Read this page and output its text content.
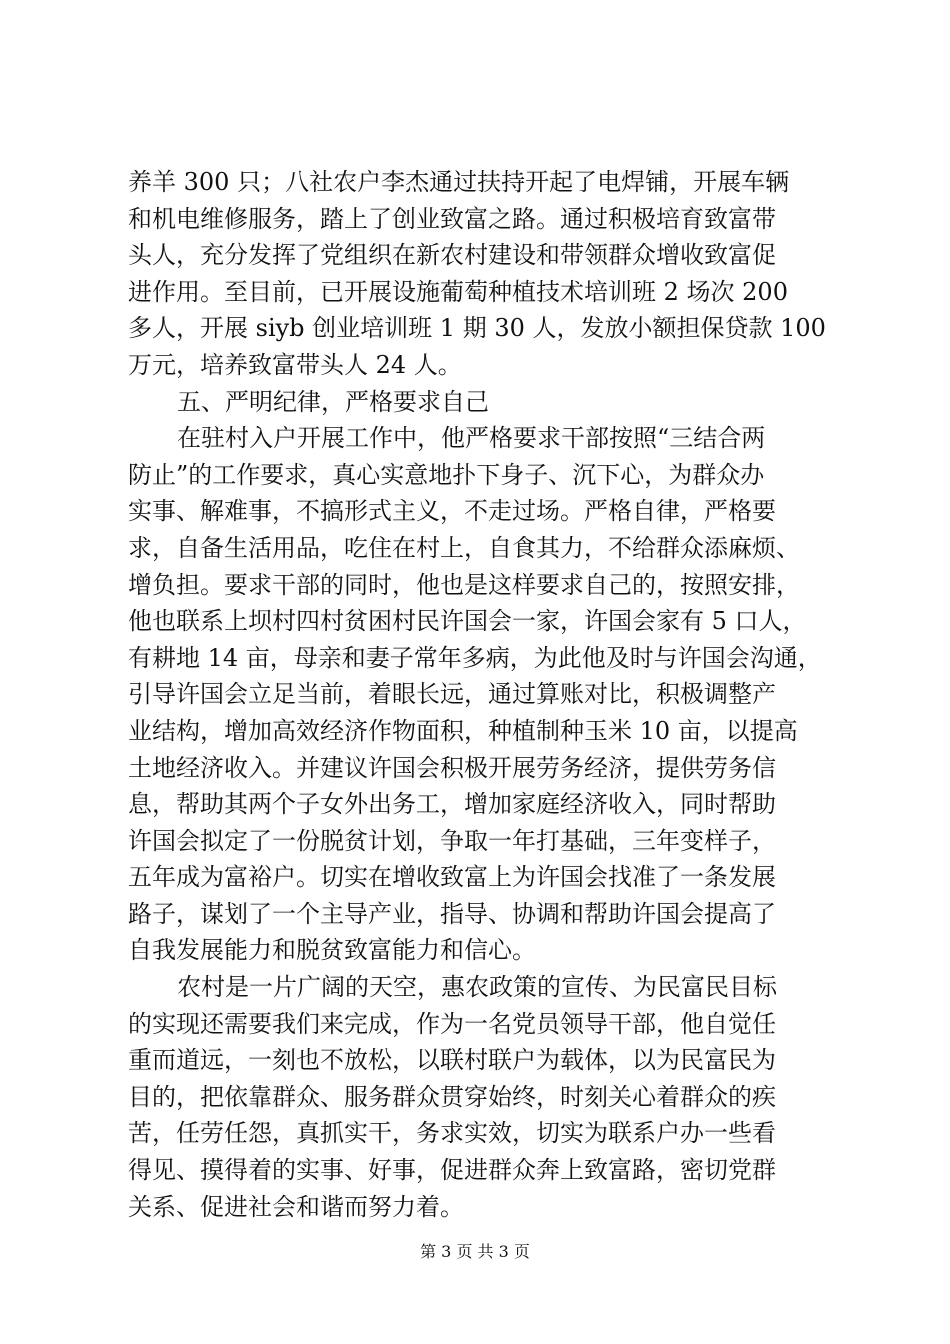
养羊 300 只；八社农户李杰通过扶持开起了电焊铺，开展车辆
和机电维修服务，踏上了创业致富之路。通过积极培育致富带
头人，充分发挥了党组织在新农村建设和带领群众增收致富促
进作用。至目前，已开展设施葡萄种植技术培训班 2 场次 200
多人，开展 siyb 创业培训班 1 期 30 人，发放小额担保贷款 100
万元，培养致富带头人 24 人。
五、严明纪律，严格要求自己
在驻村入户开展工作中，他严格要求干部按照“三结合两
防止”的工作要求，真心实意地扑下身子、沉下心，为群众办
实事、解难事，不搞形式主义，不走过场。严格自律，严格要
求，自备生活用品，吃住在村上，自食其力，不给群众添麻烦、
增负担。要求干部的同时，他也是这样要求自己的，按照安排，
他也联系上坝村四村贫困村民许国会一家，许国会家有 5 口人，
有耕地 14 亩，母亲和妻子常年多病，为此他及时与许国会沟通，
引导许国会立足当前，着眼长远，通过算账对比，积极调整产
业结构，增加高效经济作物面积，种植制种玉米 10 亩，以提高
土地经济收入。并建议许国会积极开展劳务经济，提供劳务信
息，帮助其两个子女外出务工，增加家庭经济收入，同时帮助
许国会拟定了一份脱贫计划，争取一年打基础，三年变样子，
五年成为富裕户。切实在增收致富上为许国会找准了一条发展
路子，谋划了一个主导产业，指导、协调和帮助许国会提高了
自我发展能力和脱贫致富能力和信心。
农村是一片广阔的天空，惠农政策的宣传、为民富民目标
的实现还需要我们来完成，作为一名党员领导干部，他自觉任
重而道远，一刻也不放松，以联村联户为载体，以为民富民为
目的，把依靠群众、服务群众贯穿始终，时刻关心着群众的疾
苦，任劳任怨，真抓实干，务求实效，切实为联系户办一些看
得见、摸得着的实事、好事，促进群众奔上致富路，密切党群
关系、促进社会和谐而努力着。
第 3 页 共 3 页
